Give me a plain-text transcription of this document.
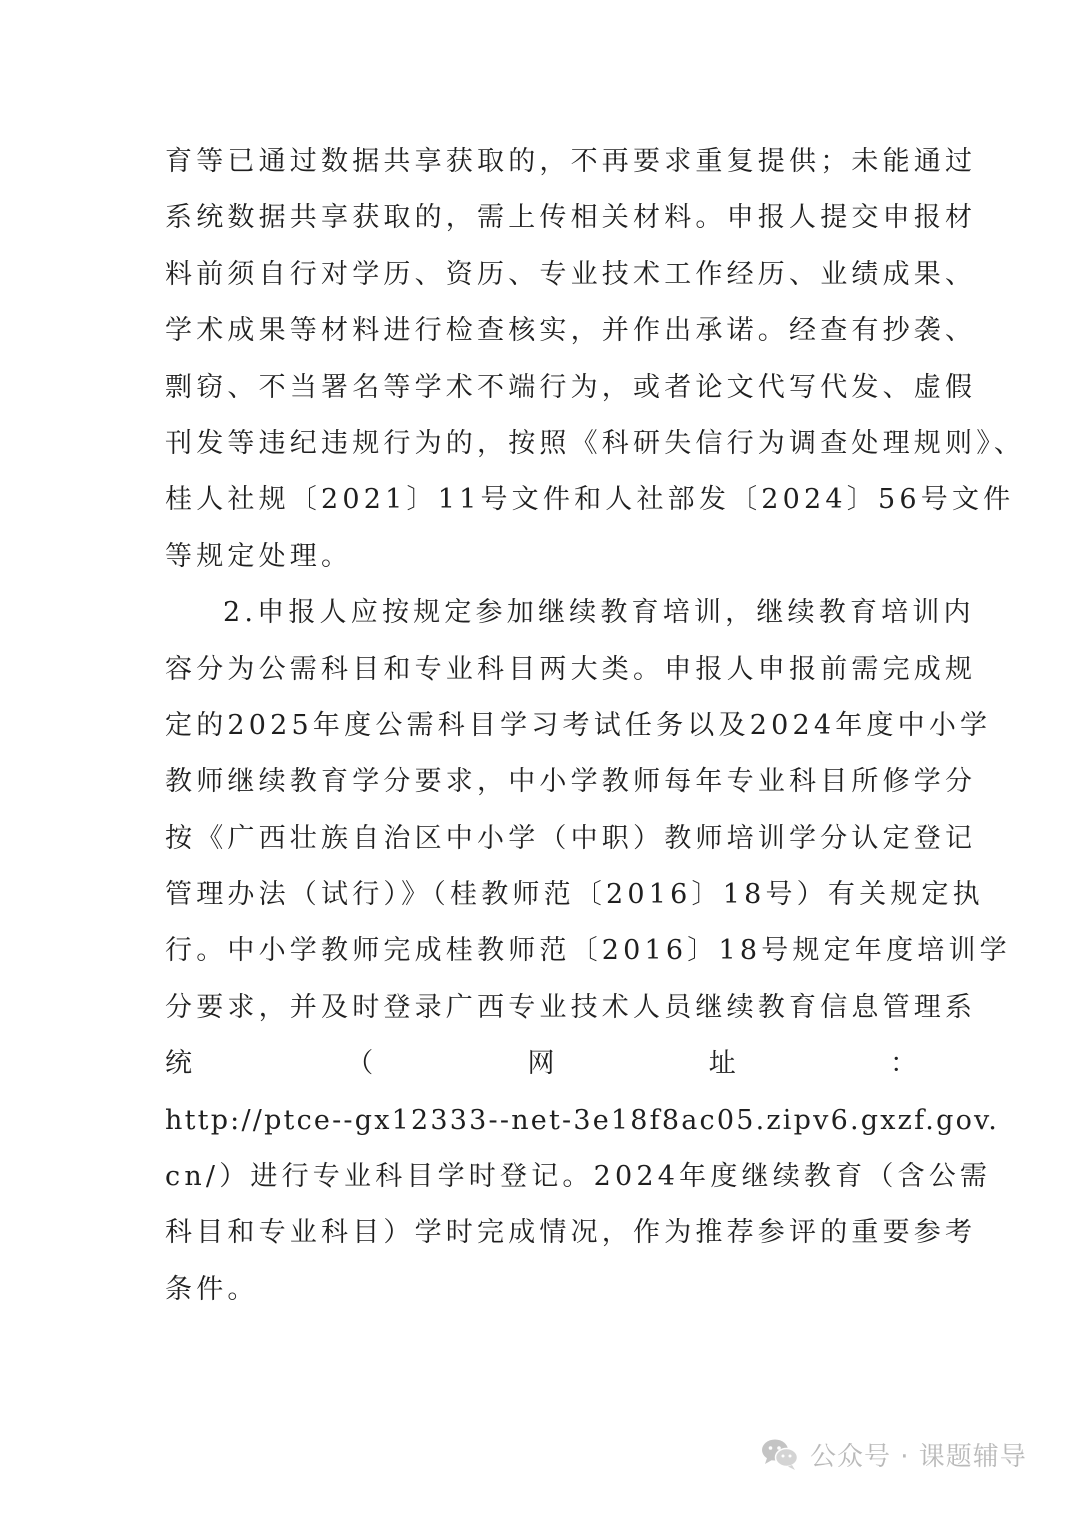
育等已通过数据共享获取的，不再要求重复提供；未能通过
系统数据共享获取的，需上传相关材料。申报人提交申报材
料前须自行对学历、资历、专业技术工作经历、业绩成果、
学术成果等材料进行检查核实，并作出承诺。经查有抄袭、
剽窃、不当署名等学术不端行为，或者论文代写代发、虚假
刊发等违纪违规行为的，按照《科研失信行为调查处理规则》、
桂人社规〔2021〕11号文件和人社部发〔2024〕56号文件
等规定处理。
2.申报人应按规定参加继续教育培训，继续教育培训内
容分为公需科目和专业科目两大类。申报人申报前需完成规
定的2025年度公需科目学习考试任务以及2024年度中小学
教师继续教育学分要求，中小学教师每年专业科目所修学分
按《广西壮族自治区中小学（中职）教师培训学分认定登记
管理办法（试行）》（桂教师范〔2016〕18号）有关规定执
行。中小学教师完成桂教师范〔2016〕18号规定年度培训学
分要求，并及时登录广西专业技术人员继续教育信息管理系
统	（	网	址	：
http://ptce--gx12333--net-3e18f8ac05.zipv6.gxzf.gov.
cn/）进行专业科目学时登记。2024年度继续教育（含公需
科目和专业科目）学时完成情况，作为推荐参评的重要参考
条件。
公众号 · 课题辅导
